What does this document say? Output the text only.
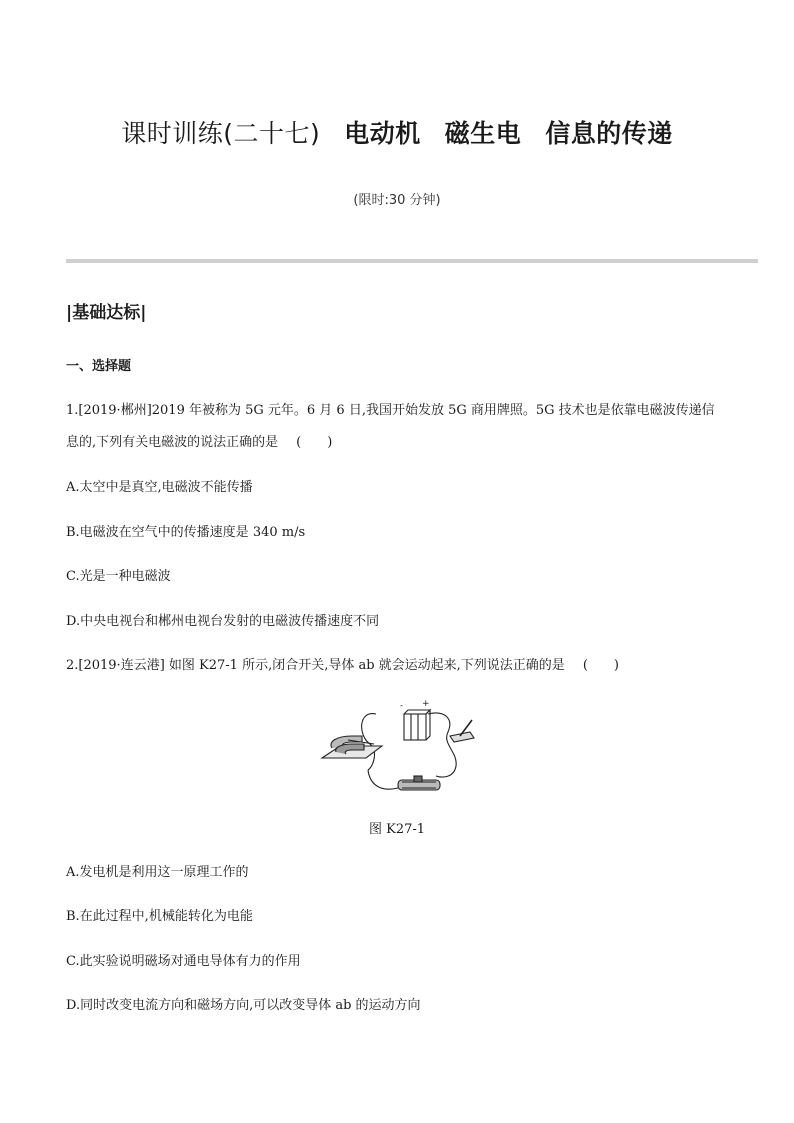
课时训练(二十七) 电动机 磁生电 信息的传递
(限时:30 分钟)
|基础达标|
一、选择题
1.[2019·郴州]2019 年被称为 5G 元年。6 月 6 日,我国开始发放 5G 商用牌照。5G 技术也是依靠电磁波传递信
息的,下列有关电磁波的说法正确的是 (　　)
A.太空中是真空,电磁波不能传播
B.电磁波在空气中的传播速度是 340 m/s
C.光是一种电磁波
D.中央电视台和郴州电视台发射的电磁波传播速度不同
2.[2019·连云港] 如图 K27-1 所示,闭合开关,导体 ab 就会运动起来,下列说法正确的是 (　　)
- +
图 K27-1
A.发电机是利用这一原理工作的
B.在此过程中,机械能转化为电能
C.此实验说明磁场对通电导体有力的作用
D.同时改变电流方向和磁场方向,可以改变导体 ab 的运动方向
